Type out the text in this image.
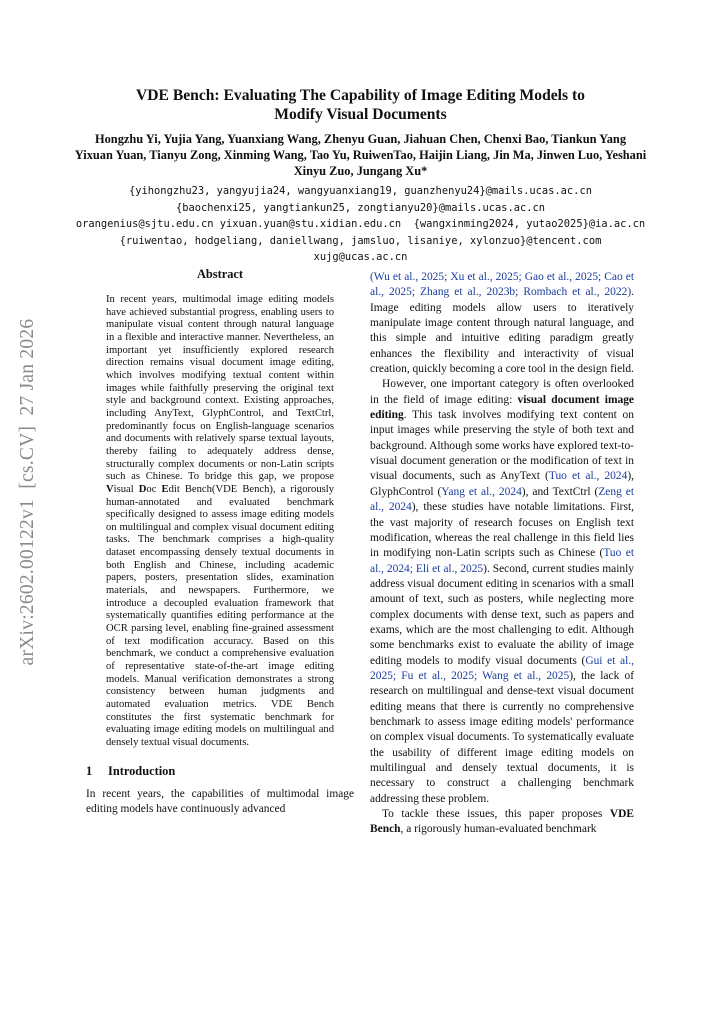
VDE Bench: Evaluating The Capability of Image Editing Models to
Modify Visual Documents
Hongzhu Yi, Yujia Yang, Yuanxiang Wang, Zhenyu Guan, Jiahuan Chen, Chenxi Bao, Tiankun Yang
Yixuan Yuan, Tianyu Zong, Xinming Wang, Tao Yu, RuiwenTao, Haijin Liang, Jin Ma, Jinwen Luo, Yeshani
Xinyu Zuo, Jungang Xu*
{yihongzhu23, yangyujia24, wangyuanxiang19, guanzhenyu24}@mails.ucas.ac.cn
{baochenxi25, yangtiankun25, zongtianyu20}@mails.ucas.ac.cn
orangenius@sjtu.edu.cn yixuan.yuan@stu.xidian.edu.cn  {wangxinming2024, yutao2025}@ia.ac.cn
{ruiwentao, hodgeliang, daniellwang, jamsluo, lisaniye, xylonzuo}@tencent.com
xujg@ucas.ac.cn
arXiv:2602.00122v1  [cs.CV]  27 Jan 2026
Abstract
In recent years, multimodal image editing models have achieved substantial progress, enabling users to manipulate visual content through natural language in a flexible and interactive manner. Nevertheless, an important yet insufficiently explored research direction remains visual document image editing, which involves modifying textual content within images while faithfully preserving the original text style and background context. Existing approaches, including AnyText, GlyphControl, and TextCtrl, predominantly focus on English-language scenarios and documents with relatively sparse textual layouts, thereby failing to adequately address dense, structurally complex documents or non-Latin scripts such as Chinese. To bridge this gap, we propose Visual Doc Edit Bench(VDE Bench), a rigorously human-annotated and evaluated benchmark specifically designed to assess image editing models on multilingual and complex visual document editing tasks. The benchmark comprises a high-quality dataset encompassing densely textual documents in both English and Chinese, including academic papers, posters, presentation slides, examination materials, and newspapers. Furthermore, we introduce a decoupled evaluation framework that systematically quantifies editing performance at the OCR parsing level, enabling fine-grained assessment of text modification accuracy. Based on this benchmark, we conduct a comprehensive evaluation of representative state-of-the-art image editing models. Manual verification demonstrates a strong consistency between human judgments and automated evaluation metrics. VDE Bench constitutes the first systematic benchmark for evaluating image editing models on multilingual and densely textual visual documents.
1 Introduction
In recent years, the capabilities of multimodal image editing models have continuously advanced

(Wu et al., 2025; Xu et al., 2025; Gao et al., 2025; Cao et al., 2025; Zhang et al., 2023b; Rombach et al., 2022). Image editing models allow users to iteratively manipulate image content through natural language, and this simple and intuitive editing paradigm greatly enhances the flexibility and interactivity of visual creation, quickly becoming a core tool in the design field.

However, one important category is often overlooked in the field of image editing: visual document image editing. This task involves modifying text content on input images while preserving the style of both text and background. Although some works have explored text-to-visual document generation or the modification of text in visual documents, such as AnyText (Tuo et al., 2024), GlyphControl (Yang et al., 2024), and TextCtrl (Zeng et al., 2024), these studies have notable limitations. First, the vast majority of research focuses on English text modification, whereas the real challenge in this field lies in modifying non-Latin scripts such as Chinese (Tuo et al., 2024; Eli et al., 2025). Second, current studies mainly address visual document editing in scenarios with a small amount of text, such as posters, while neglecting more complex documents with dense text, such as papers and exams, which are the most challenging to edit. Although some benchmarks exist to evaluate the ability of image editing models to modify visual documents (Gui et al., 2025; Fu et al., 2025; Wang et al., 2025), the lack of research on multilingual and dense-text visual document editing means that there is currently no comprehensive benchmark to assess image editing models' performance on complex visual documents. To systematically evaluate the usability of different image editing models on multilingual and densely textual documents, it is necessary to construct a challenging benchmark addressing these problem.

To tackle these issues, this paper proposes VDE Bench, a rigorously human-evaluated benchmark
